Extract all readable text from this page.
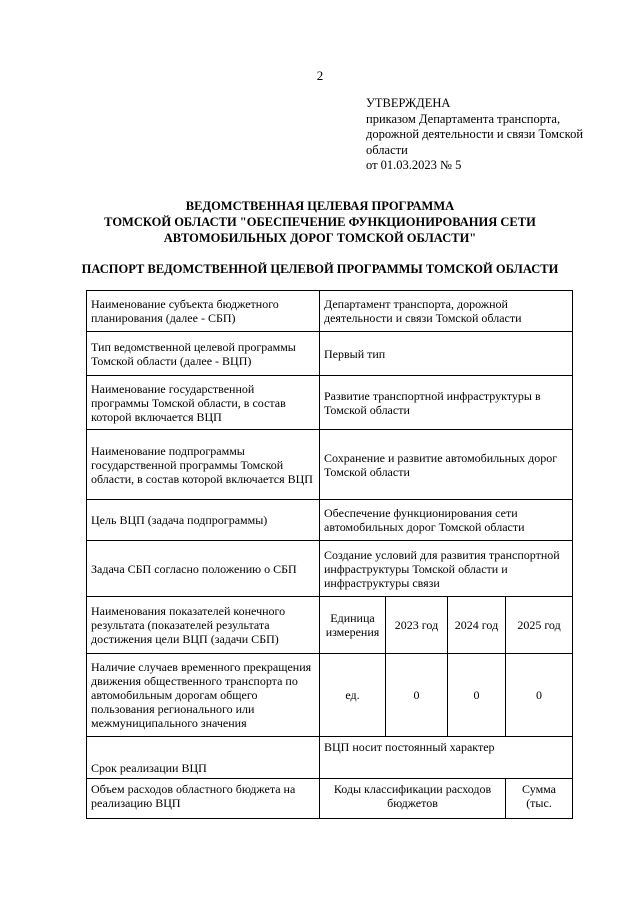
2
УТВЕРЖДЕНА
приказом Департамента транспорта,
дорожной деятельности и связи Томской
области
от 01.03.2023 № 5
ВЕДОМСТВЕННАЯ ЦЕЛЕВАЯ ПРОГРАММА
ТОМСКОЙ ОБЛАСТИ "ОБЕСПЕЧЕНИЕ ФУНКЦИОНИРОВАНИЯ СЕТИ
АВТОМОБИЛЬНЫХ ДОРОГ ТОМСКОЙ ОБЛАСТИ"
ПАСПОРТ ВЕДОМСТВЕННОЙ ЦЕЛЕВОЙ ПРОГРАММЫ ТОМСКОЙ ОБЛАСТИ
Наименование субъекта бюджетного планирования (далее - СБП)	Департамент транспорта, дорожной деятельности и связи Томской области			
Тип ведомственной целевой программы Томской области (далее - ВЦП)	Первый тип			
Наименование государственной программы Томской области, в состав которой включается ВЦП	Развитие транспортной инфраструктуры в Томской области			
Наименование подпрограммы государственной программы Томской области, в состав которой включается ВЦП	Сохранение и развитие автомобильных дорог Томской области			
Цель ВЦП (задача подпрограммы)	Обеспечение функционирования сети автомобильных дорог Томской области			
Задача СБП согласно положению о СБП	Создание условий для развития транспортной инфраструктуры Томской области и инфраструктуры связи			
Наименования показателей конечного результата (показателей результата достижения цели ВЦП (задачи СБП)	Единица измерения	2023 год	2024 год	2025 год
Наличие случаев временного прекращения движения общественного транспорта по автомобильным дорогам общего пользования регионального или межмуниципального значения	ед.	0	0	0
Срок реализации ВЦП	ВЦП носит постоянный характер			
Объем расходов областного бюджета на реализацию ВЦП	Коды классификации расходов бюджетов			Сумма (тыс.
